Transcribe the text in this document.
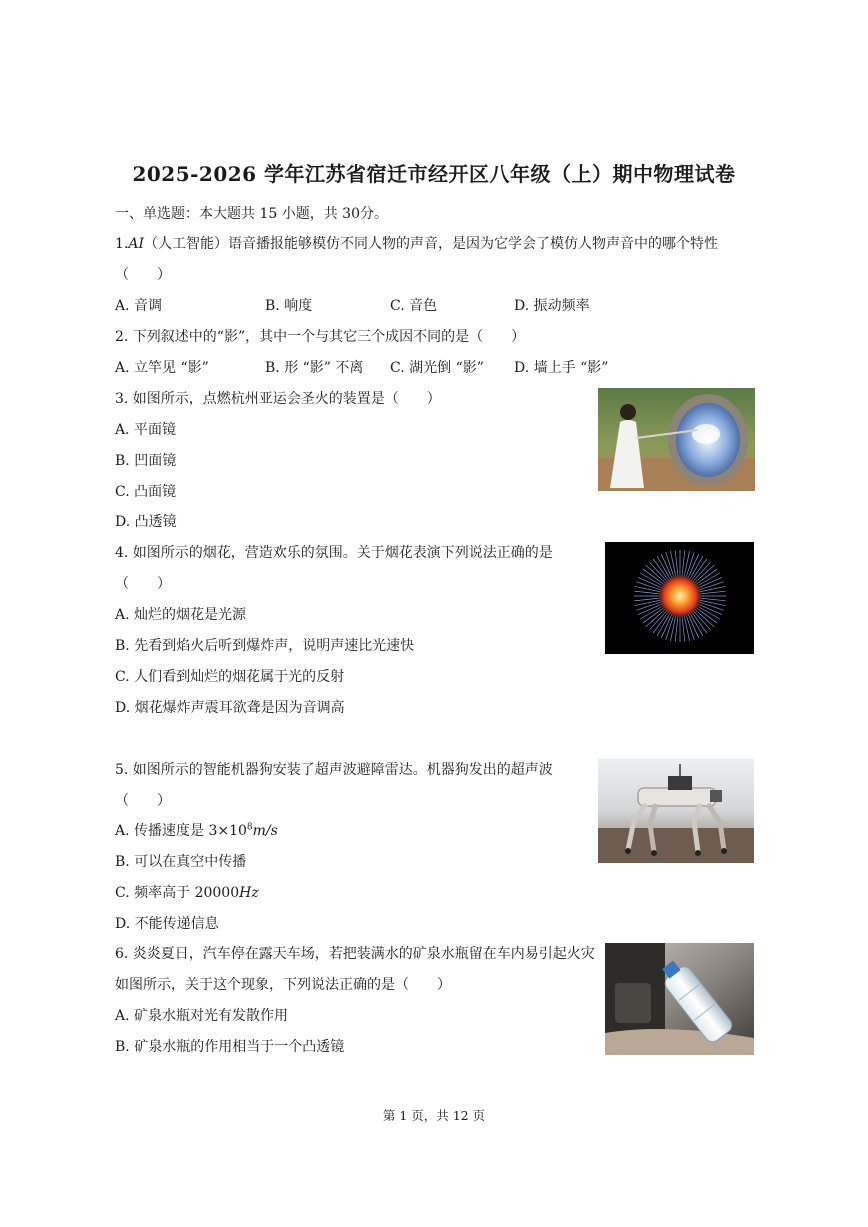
2025-2026 学年江苏省宿迁市经开区八年级（上）期中物理试卷
一、单选题：本大题共 15 小题，共 30分。
1.AI（人工智能）语音播报能够模仿不同人物的声音，是因为它学会了模仿人物声音中的哪个特性
（　　）
A. 音调	B. 响度	C. 音色	D. 振动频率
2. 下列叙述中的“影”，其中一个与其它三个成因不同的是（　　）
A. 立竿见 “影”	B. 形 “影” 不离 C. 湖光倒 “影” D. 墙上手 “影”
3. 如图所示，点燃杭州亚运会圣火的装置是（　　）
A. 平面镜
B. 凹面镜
C. 凸面镜
D. 凸透镜
4. 如图所示的烟花，营造欢乐的氛围。关于烟花表演下列说法正确的是
（　　）
A. 灿烂的烟花是光源
B. 先看到焰火后听到爆炸声，说明声速比光速快
C. 人们看到灿烂的烟花属于光的反射
D. 烟花爆炸声震耳欲聋是因为音调高
5. 如图所示的智能机器狗安装了超声波避障雷达。机器狗发出的超声波
（　　）
A. 传播速度是 $3\times 10^8m/s$
B. 可以在真空中传播
C. 频率高于 20000Hz
D. 不能传递信息
6. 炎炎夏日，汽车停在露天车场，若把装满水的矿泉水瓶留在车内易引起火灾
如图所示，关于这个现象，下列说法正确的是（　　）
A. 矿泉水瓶对光有发散作用
B. 矿泉水瓶的作用相当于一个凸透镜
第 1 页，共 12 页
